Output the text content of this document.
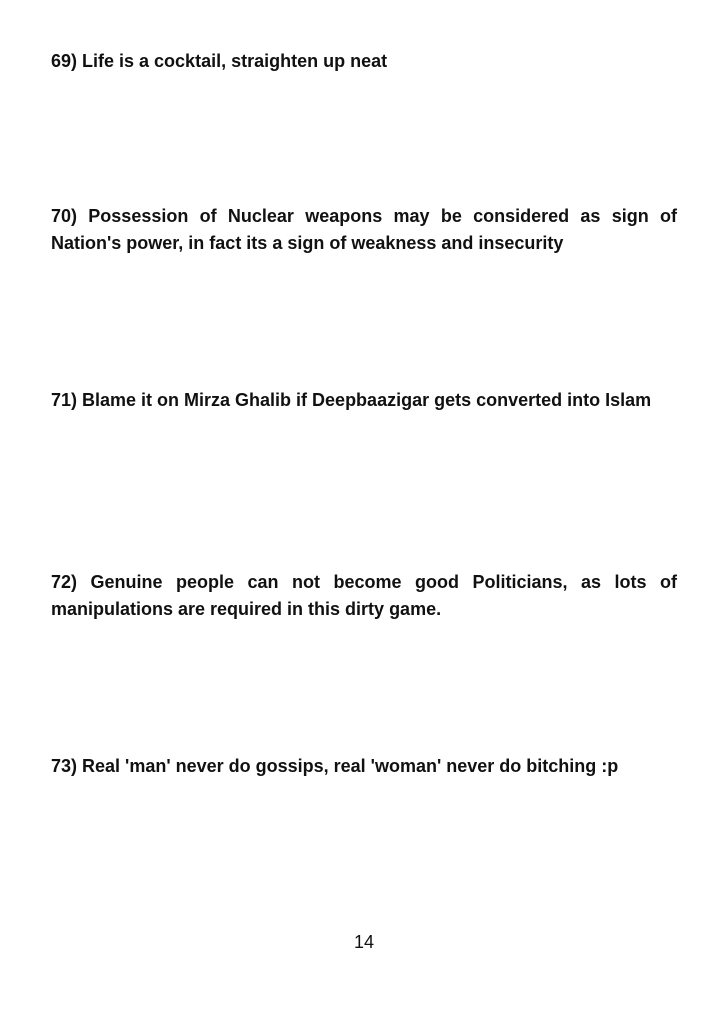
69) Life is a cocktail, straighten up neat

70) Possession of Nuclear weapons may be considered as sign of Nation's power, in fact its a sign of weakness and insecurity

71) Blame it on Mirza Ghalib if Deepbaazigar gets converted into Islam

72) Genuine people can not become good Politicians, as lots of manipulations are required in this dirty game.

73) Real 'man' never do gossips, real 'woman' never do bitching :p

14
